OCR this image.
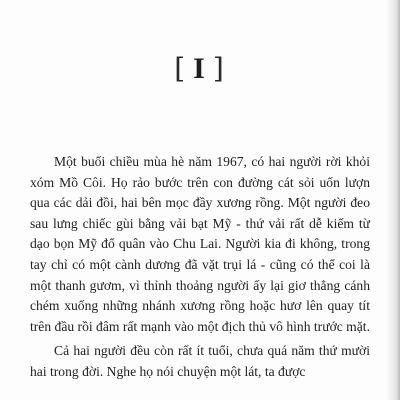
[ I ]

Một buổi chiều mùa hè năm 1967, có hai người rời khỏi xóm Mồ Côi. Họ rảo bước trên con đường cát sỏi uốn lượn qua các dải đồi, hai bên mọc đầy xương rồng. Một người đeo sau lưng chiếc gùi bằng vải bạt Mỹ - thứ vải rất dễ kiếm từ dạo bọn Mỹ đổ quân vào Chu Lai. Người kia đi không, trong tay chỉ có một cành dương đã vặt trụi lá - cũng có thể coi là một thanh gươm, vì thỉnh thoảng người ấy lại giơ thẳng cánh chém xuống những nhánh xương rồng hoặc hươ lên quay tít trên đầu rồi đâm rất mạnh vào một địch thủ vô hình trước mặt.

Cả hai người đều còn rất ít tuổi, chưa quá năm thứ mười hai trong đời. Nghe họ nói chuyện một lát, ta được
